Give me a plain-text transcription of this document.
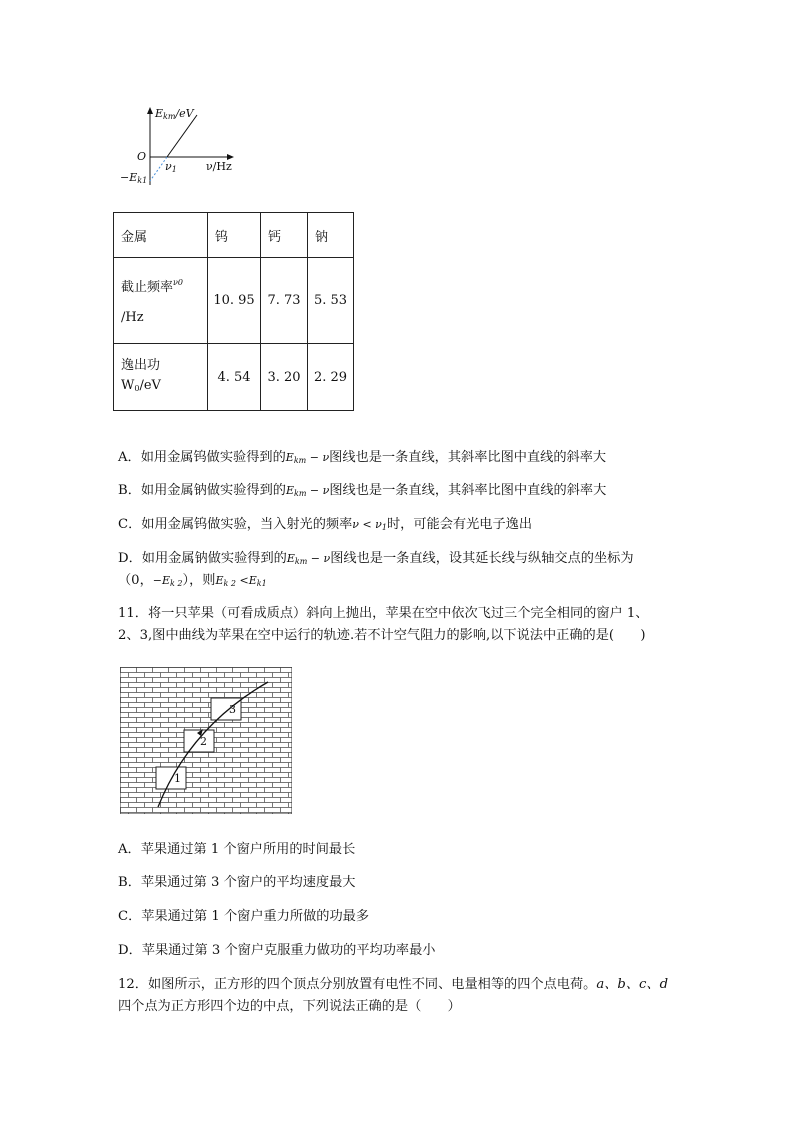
$E_{km}/eV$
O
$\nu_1$	ν/Hz
$-E_{k1}$
金属	钨	钙	钠

截止频率$^{\nu 0}$
/Hz	10. 95	7. 73	5. 53

逸出功
$W_0/eV$	4. 54	3. 20	2. 29
A．如用金属钨做实验得到的$E_{km} - \nu$图线也是一条直线，其斜率比图中直线的斜率大
B．如用金属钠做实验得到的$E_{km} - \nu$图线也是一条直线，其斜率比图中直线的斜率大
C．如用金属钨做实验，当入射光的频率$\nu < \nu_1$时，可能会有光电子逸出
D．如用金属钠做实验得到的$E_{km} - \nu$图线也是一条直线，设其延长线与纵轴交点的坐标为
（0，$-E_{k 2}$），则$E_{k 2} <E_{k1}$
11．将一只苹果（可看成质点）斜向上抛出，苹果在空中依次飞过三个完全相同的窗户 1、
2、3,图中曲线为苹果在空中运行的轨迹.若不计空气阻力的影响,以下说法中正确的是(　　)
1
2
3
A．苹果通过第 1 个窗户所用的时间最长
B．苹果通过第 3 个窗户的平均速度最大
C．苹果通过第 1 个窗户重力所做的功最多
D．苹果通过第 3 个窗户克服重力做功的平均功率最小
12．如图所示，正方形的四个顶点分别放置有电性不同、电量相等的四个点电荷。a、b、c、d
四个点为正方形四个边的中点，下列说法正确的是（　　）
